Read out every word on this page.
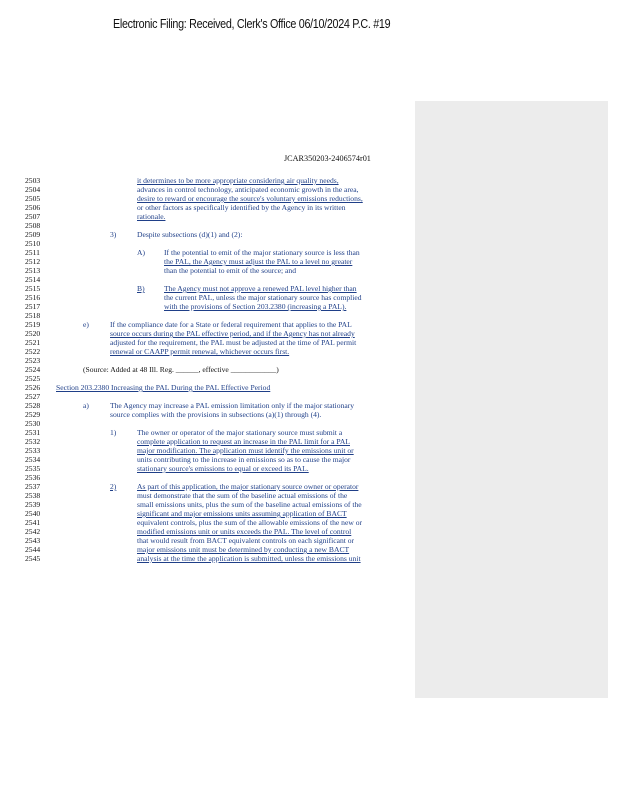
Electronic Filing: Received, Clerk's Office 06/10/2024 P.C. #19
JCAR350203-2406574r01
2503	it determines to be more appropriate considering air quality needs,
2504	advances in control technology, anticipated economic growth in the area,
2505	desire to reward or encourage the source's voluntary emissions reductions,
2506	or other factors as specifically identified by the Agency in its written
2507	rationale.
2508
2509	3)	Despite subsections (d)(1) and (2):
2510
2511	A) If the potential to emit of the major stationary source is less than
2512	the PAL, the Agency must adjust the PAL to a level no greater
2513	than the potential to emit of the source; and
2514
2515	B)	The Agency must not approve a renewed PAL level higher than
2516	the current PAL, unless the major stationary source has complied
2517	with the provisions of Section 203.2380 (increasing a PAL).
2518
2519	e)	If the compliance date for a State or federal requirement that applies to the PAL
2520	source occurs during the PAL effective period, and if the Agency has not already
2521	adjusted for the requirement, the PAL must be adjusted at the time of PAL permit
2522	renewal or CAAPP permit renewal, whichever occurs first.
2523
2524	(Source: Added at 48 Ill. Reg. ______, effective ____________)
2525
2526 Section 203.2380 Increasing the PAL During the PAL Effective Period
2527
2528	a)	The Agency may increase a PAL emission limitation only if the major stationary
2529	source complies with the provisions in subsections (a)(1) through (4).
2530
2531	1)	The owner or operator of the major stationary source must submit a
2532	complete application to request an increase in the PAL limit for a PAL
2533	major modification. The application must identify the emissions unit or
2534	units contributing to the increase in emissions so as to cause the major
2535	stationary source's emissions to equal or exceed its PAL.
2536
2537	2)	As part of this application, the major stationary source owner or operator
2538	must demonstrate that the sum of the baseline actual emissions of the
2539	small emissions units, plus the sum of the baseline actual emissions of the
2540	significant and major emissions units assuming application of BACT
2541	equivalent controls, plus the sum of the allowable emissions of the new or
2542	modified emissions unit or units exceeds the PAL. The level of control
2543	that would result from BACT equivalent controls on each significant or
2544	major emissions unit must be determined by conducting a new BACT
2545	analysis at the time the application is submitted, unless the emissions unit
